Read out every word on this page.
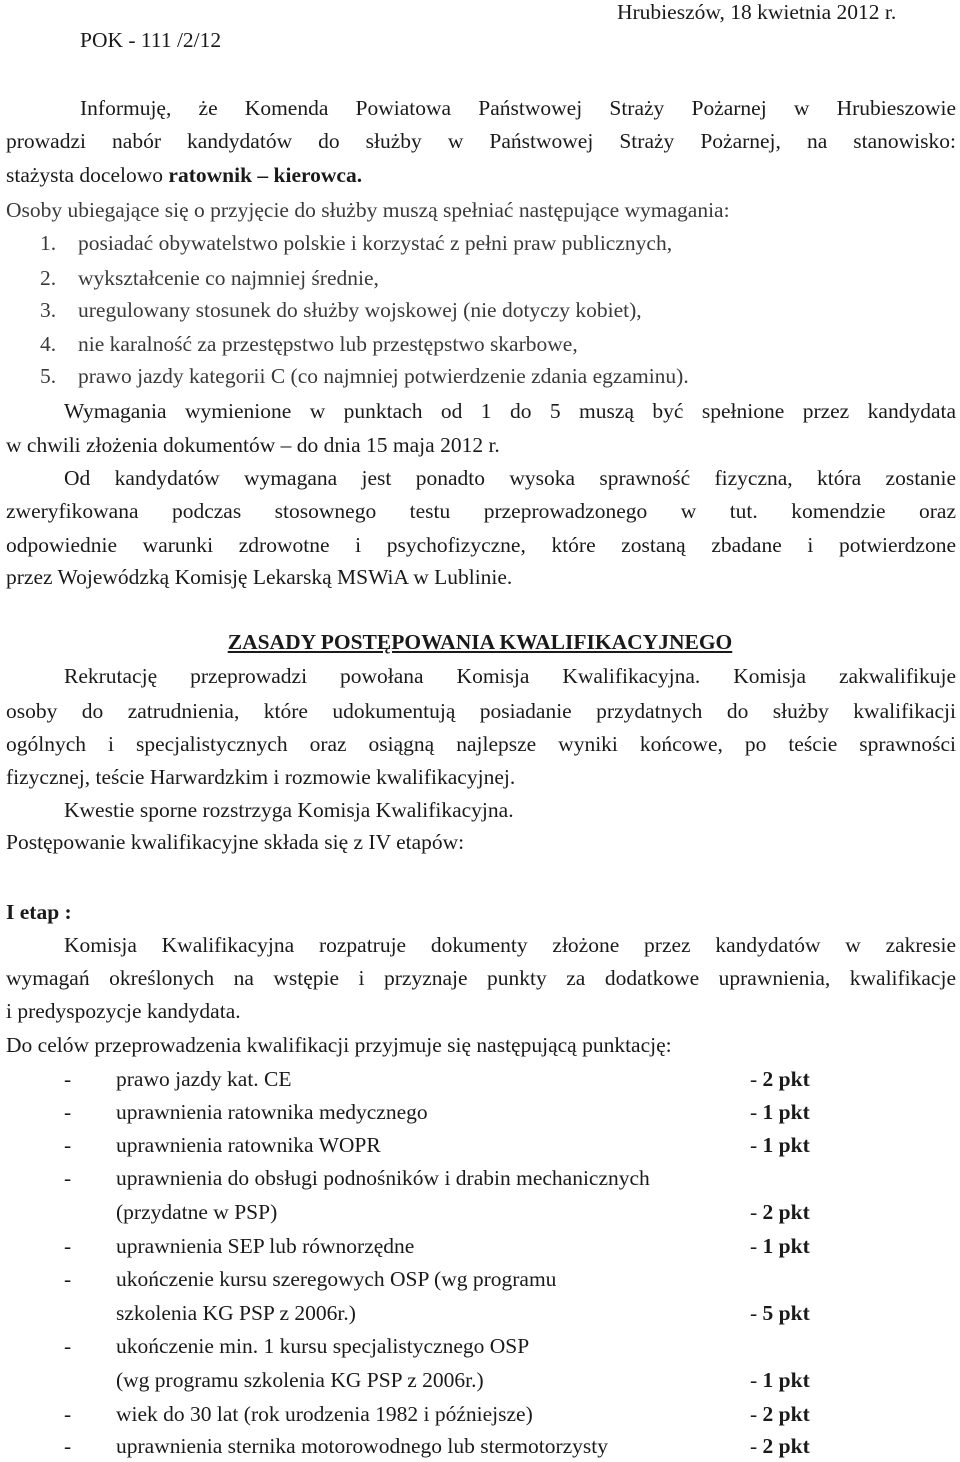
POK - 111 /2/12
Hrubieszów, 18 kwietnia 2012 r.
Informuję, że Komenda Powiatowa Państwowej Straży Pożarnej w Hrubieszowie
prowadzi nabór kandydatów do służby w Państwowej Straży Pożarnej, na stanowisko:
stażysta docelowo ratownik – kierowca.
Osoby ubiegające się o przyjęcie do służby muszą spełniać następujące wymagania:
1. posiadać obywatelstwo polskie i korzystać z pełni praw publicznych,
2. wykształcenie co najmniej średnie,
3. uregulowany stosunek do służby wojskowej (nie dotyczy kobiet),
4. nie karalność za przestępstwo lub przestępstwo skarbowe,
5. prawo jazdy kategorii C (co najmniej potwierdzenie zdania egzaminu).
Wymagania wymienione w punktach od 1 do 5 muszą być spełnione przez kandydata
w chwili złożenia dokumentów – do dnia 15 maja 2012 r.
Od kandydatów wymagana jest ponadto wysoka sprawność fizyczna, która zostanie
zweryfikowana podczas stosownego testu przeprowadzonego w tut. komendzie oraz
odpowiednie warunki zdrowotne i psychofizyczne, które zostaną zbadane i potwierdzone
przez Wojewódzką Komisję Lekarską MSWiA w Lublinie.
ZASADY POSTĘPOWANIA KWALIFIKACYJNEGO
Rekrutację przeprowadzi powołana Komisja Kwalifikacyjna. Komisja zakwalifikuje
osoby do zatrudnienia, które udokumentują posiadanie przydatnych do służby kwalifikacji
ogólnych i specjalistycznych oraz osiągną najlepsze wyniki końcowe, po teście sprawności
fizycznej, teście Harwardzkim i rozmowie kwalifikacyjnej.
Kwestie sporne rozstrzyga Komisja Kwalifikacyjna.
Postępowanie kwalifikacyjne składa się z IV etapów:
I etap :
Komisja Kwalifikacyjna rozpatruje dokumenty złożone przez kandydatów w zakresie
wymagań określonych na wstępie i przyznaje punkty za dodatkowe uprawnienia, kwalifikacje
i predyspozycje kandydata.
Do celów przeprowadzenia kwalifikacji przyjmuje się następującą punktację:
- prawo jazdy kat. CE	- 2 pkt
- uprawnienia ratownika medycznego	- 1 pkt
- uprawnienia ratownika WOPR	- 1 pkt
- uprawnienia do obsługi podnośników i drabin mechanicznych
(przydatne w PSP)	- 2 pkt
- uprawnienia SEP lub równorzędne	- 1 pkt
- ukończenie kursu szeregowych OSP (wg programu
szkolenia KG PSP z 2006r.)	- 5 pkt
- ukończenie min. 1 kursu specjalistycznego OSP
(wg programu szkolenia KG PSP z 2006r.)	- 1 pkt
- wiek do 30 lat (rok urodzenia 1982 i późniejsze)	- 2 pkt
- uprawnienia sternika motorowodnego lub stermotorzysty	- 2 pkt
